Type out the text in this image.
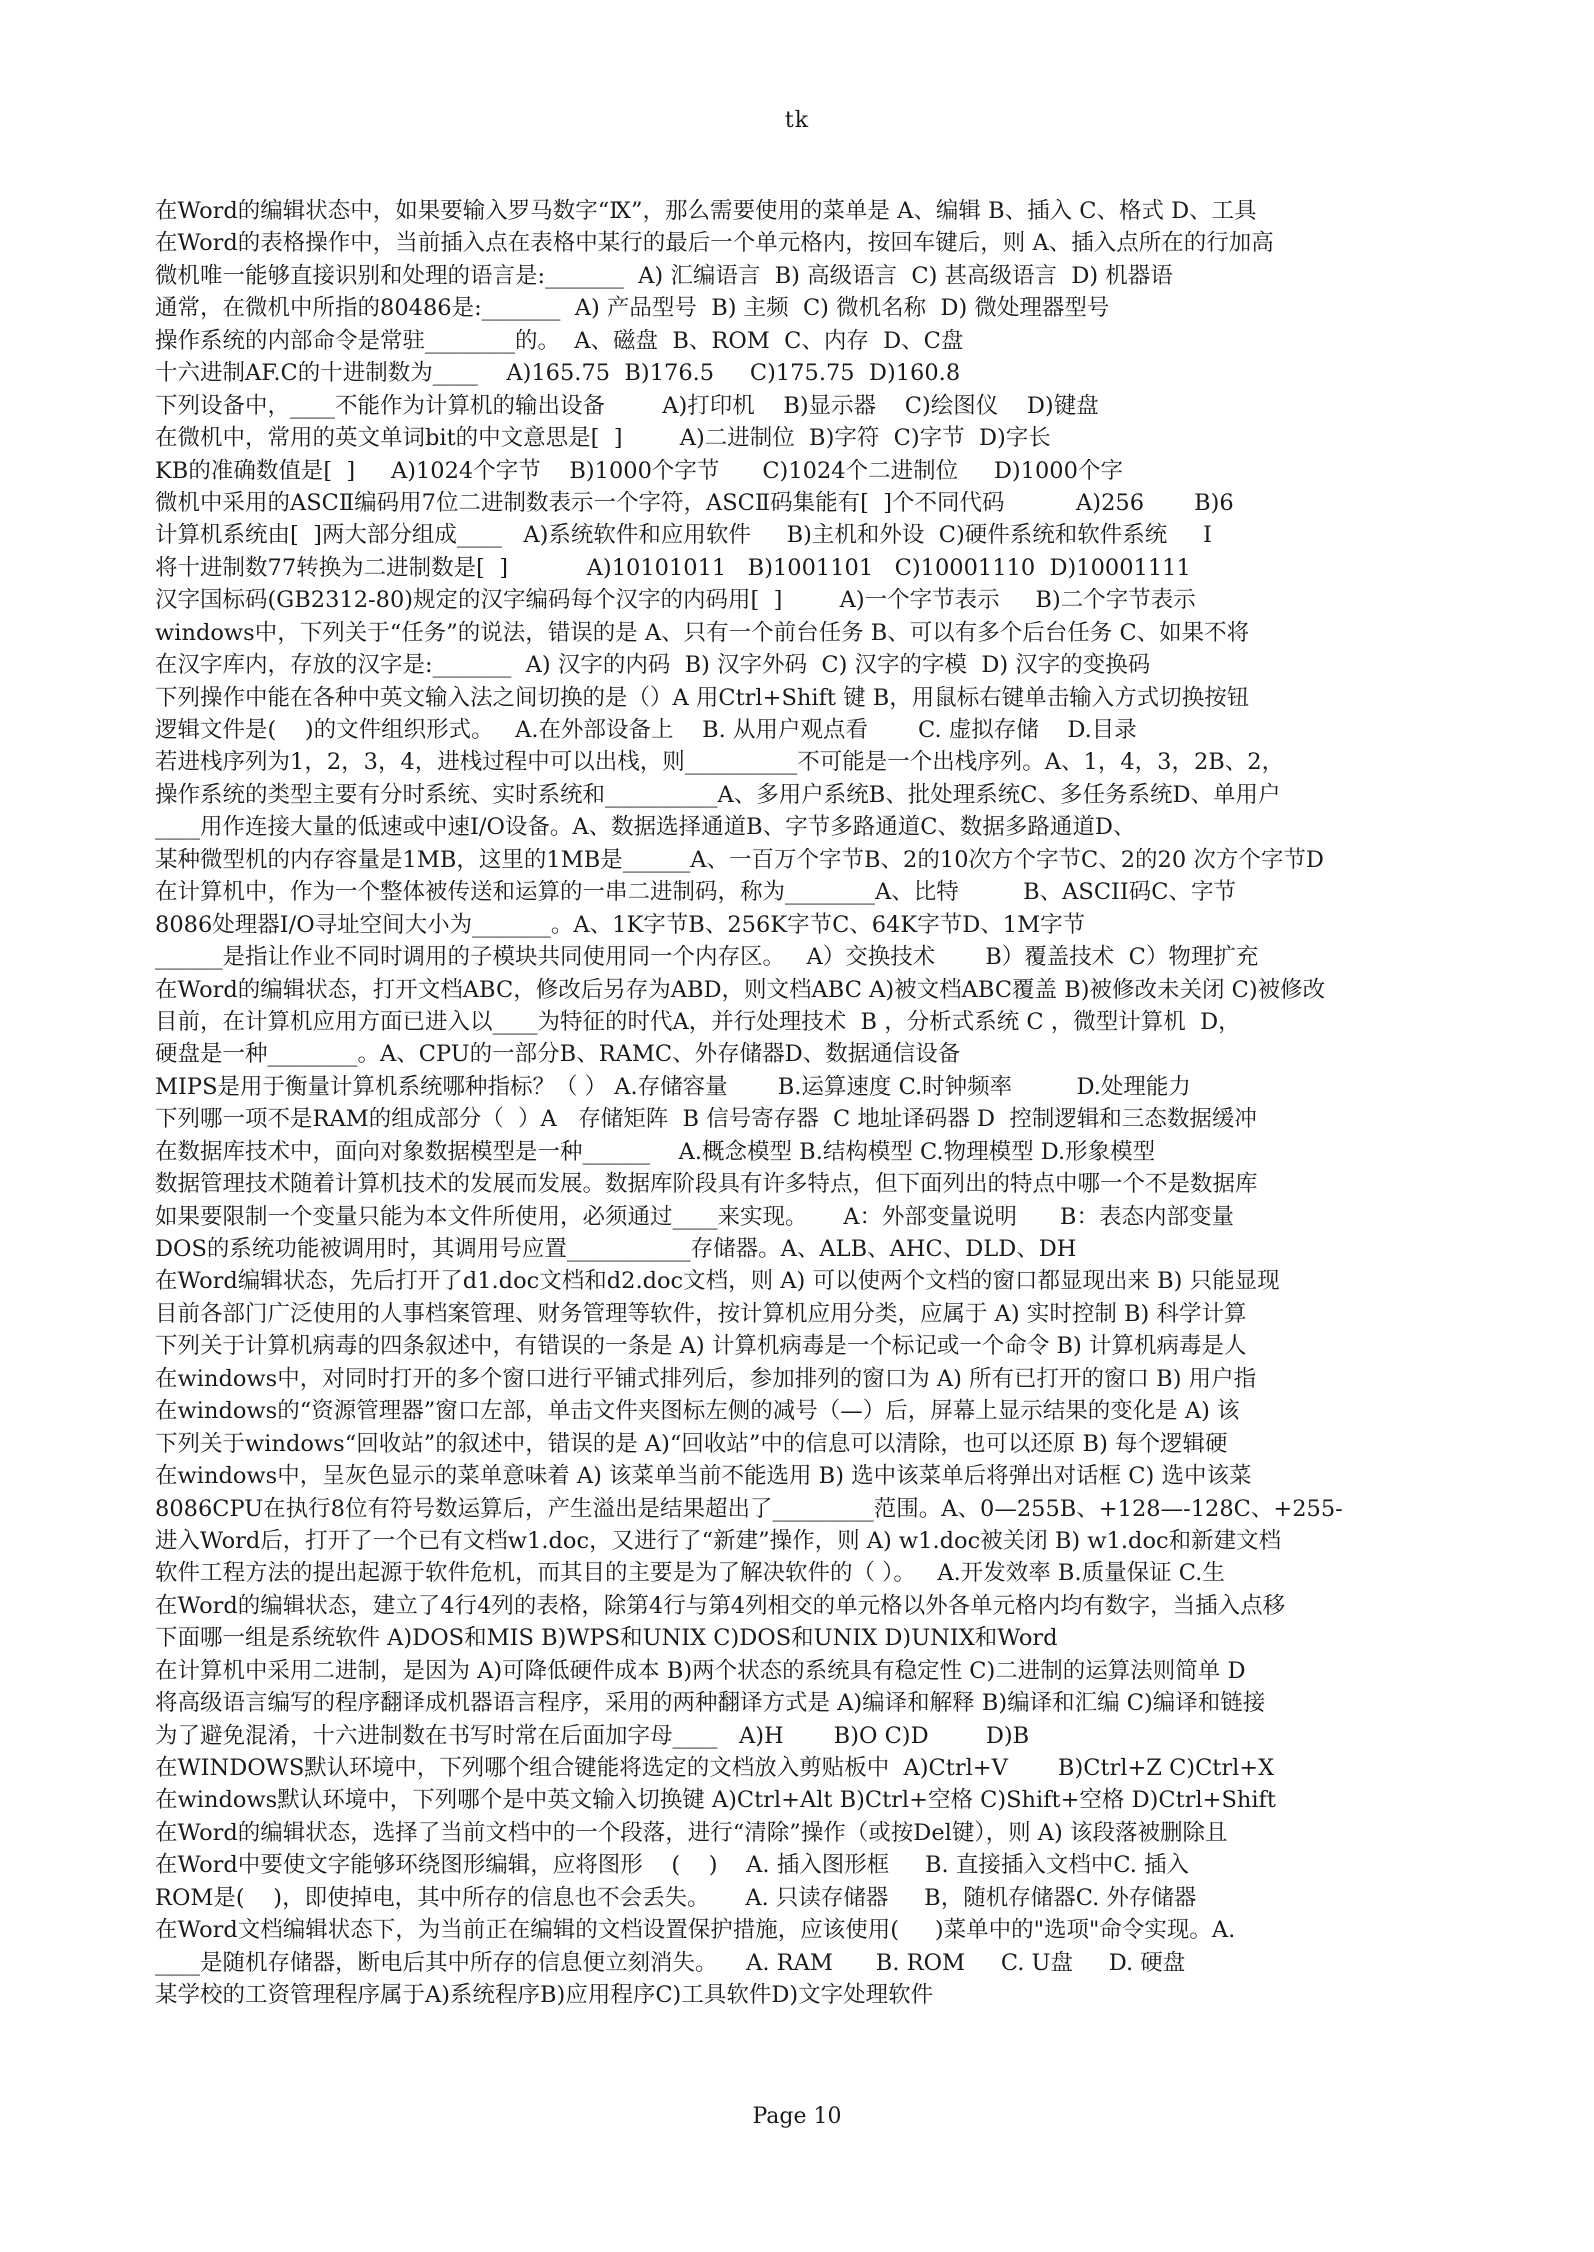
tk
在Word的编辑状态中，如果要输入罗马数字“Ⅸ”，那么需要使用的菜单是 A、编辑 B、插入 C、格式 D、工具
在Word的表格操作中，当前插入点在表格中某行的最后一个单元格内，按回车键后，则 A、插入点所在的行加高
微机唯一能够直接识别和处理的语言是:_______  A) 汇编语言  B) 高级语言  C) 甚高级语言  D) 机器语
通常，在微机中所指的80486是:_______  A) 产品型号  B) 主频  C) 微机名称  D) 微处理器型号
操作系统的内部命令是常驻________的。  A、磁盘  B、ROM  C、内存  D、C盘
十六进制AF.C的十进制数为____    A)165.75  B)176.5     C)175.75  D)160.8
下列设备中，____不能作为计算机的输出设备        A)打印机    B)显示器    C)绘图仪    D)键盘
在微机中，常用的英文单词bit的中文意思是[  ]        A)二进制位  B)字符  C)字节  D)字长
KB的准确数值是[  ]     A)1024个字节    B)1000个字节      C)1024个二进制位     D)1000个字
微机中采用的ASCⅡ编码用7位二进制数表示一个字符，ASCⅡ码集能有[  ]个不同代码          A)256       B)6
计算机系统由[  ]两大部分组成____   A)系统软件和应用软件     B)主机和外设  C)硬件系统和软件系统     I
将十进制数77转换为二进制数是[  ]           A)10101011   B)1001101   C)10001110  D)10001111
汉字国标码(GB2312-80)规定的汉字编码每个汉字的内码用[  ]        A)一个字节表示     B)二个字节表示
windows中，下列关于“任务”的说法，错误的是 A、只有一个前台任务 B、可以有多个后台任务 C、如果不将
在汉字库内，存放的汉字是:_______  A) 汉字的内码  B) 汉字外码  C) 汉字的字模  D) 汉字的变换码
下列操作中能在各种中英文输入法之间切换的是（）A 用Ctrl+Shift 键 B，用鼠标右键单击输入方式切换按钮
逻辑文件是(    )的文件组织形式。   A.在外部设备上    B. 从用户观点看       C. 虚拟存储    D.目录
若进栈序列为1，2，3，4，进栈过程中可以出栈，则__________不可能是一个出栈序列。A、1，4，3，2B、2，
操作系统的类型主要有分时系统、实时系统和__________A、多用户系统B、批处理系统C、多任务系统D、单用户
____用作连接大量的低速或中速I/O设备。A、数据选择通道B、字节多路通道C、数据多路通道D、
某种微型机的内存容量是1MB，这里的1MB是______A、一百万个字节B、2的10次方个字节C、2的20 次方个字节D
在计算机中，作为一个整体被传送和运算的一串二进制码，称为________A、比特         B、ASCII码C、字节
8086处理器I/O寻址空间大小为_______。A、1K字节B、256K字节C、64K字节D、1M字节
______是指让作业不同时调用的子模块共同使用同一个内存区。   A）交换技术       B）覆盖技术  C）物理扩充
在Word的编辑状态，打开文档ABC，修改后另存为ABD，则文档ABC A)被文档ABC覆盖 B)被修改未关闭 C)被修改
目前，在计算机应用方面已进入以____为特征的时代A，并行处理技术  B ，分析式系统 C ，微型计算机  D，
硬盘是一种________。A、CPU的一部分B、RAMC、外存储器D、数据通信设备
MIPS是用于衡量计算机系统哪种指标？（ ） A.存储容量       B.运算速度 C.时钟频率         D.处理能力
下列哪一项不是RAM的组成部分（  ）A   存储矩阵  B 信号寄存器  C 地址译码器 D  控制逻辑和三态数据缓冲
在数据库技术中，面向对象数据模型是一种______    A.概念模型 B.结构模型 C.物理模型 D.形象模型
数据管理技术随着计算机技术的发展而发展。数据库阶段具有许多特点，但下面列出的特点中哪一个不是数据库
如果要限制一个变量只能为本文件所使用，必须通过____来实现。     A：外部变量说明      B：表态内部变量
DOS的系统功能被调用时，其调用号应置___________存储器。A、ALB、AHC、DLD、DH
在Word编辑状态，先后打开了d1.doc文档和d2.doc文档，则 A) 可以使两个文档的窗口都显现出来 B) 只能显现
目前各部门广泛使用的人事档案管理、财务管理等软件，按计算机应用分类，应属于 A) 实时控制 B) 科学计算
下列关于计算机病毒的四条叙述中，有错误的一条是 A) 计算机病毒是一个标记或一个命令 B) 计算机病毒是人
在windows中，对同时打开的多个窗口进行平铺式排列后，参加排列的窗口为 A) 所有已打开的窗口 B) 用户指
在windows的“资源管理器”窗口左部，单击文件夹图标左侧的减号（—）后，屏幕上显示结果的变化是 A) 该
下列关于windows“回收站”的叙述中，错误的是 A)“回收站”中的信息可以清除，也可以还原 B) 每个逻辑硬
在windows中，呈灰色显示的菜单意味着 A) 该菜单当前不能选用 B) 选中该菜单后将弹出对话框 C) 选中该菜
8086CPU在执行8位有符号数运算后，产生溢出是结果超出了_________范围。A、0—255B、+128—-128C、+255-
进入Word后，打开了一个已有文档w1.doc，又进行了“新建”操作，则 A) w1.doc被关闭 B) w1.doc和新建文档
软件工程方法的提出起源于软件危机，而其目的主要是为了解决软件的（ ）。   A.开发效率 B.质量保证 C.生
在Word的编辑状态，建立了4行4列的表格，除第4行与第4列相交的单元格以外各单元格内均有数字，当插入点移
下面哪一组是系统软件 A)DOS和MIS B)WPS和UNIX C)DOS和UNIX D)UNIX和Word
在计算机中采用二进制，是因为 A)可降低硬件成本 B)两个状态的系统具有稳定性 C)二进制的运算法则简单 D
将高级语言编写的程序翻译成机器语言程序，采用的两种翻译方式是 A)编译和解释 B)编译和汇编 C)编译和链接
为了避免混淆，十六进制数在书写时常在后面加字母____   A)H       B)O C)D        D)B
在WINDOWS默认环境中，下列哪个组合键能将选定的文档放入剪贴板中  A)Ctrl+V       B)Ctrl+Z C)Ctrl+X
在windows默认环境中，下列哪个是中英文输入切换键 A)Ctrl+Alt B)Ctrl+空格 C)Shift+空格 D)Ctrl+Shift
在Word的编辑状态，选择了当前文档中的一个段落，进行“清除”操作（或按Del键），则 A) 该段落被删除且
在Word中要使文字能够环绕图形编辑，应将图形    (    )    A. 插入图形框     B. 直接插入文档中C. 插入
ROM是(    )，即使掉电，其中所存的信息也不会丢失。     A. 只读存储器     B，随机存储器C. 外存储器
在Word文档编辑状态下，为当前正在编辑的文档设置保护措施，应该使用(     )菜单中的"选项"命令实现。A.
____是随机存储器，断电后其中所存的信息便立刻消失。    A. RAM      B. ROM     C. U盘     D. 硬盘
某学校的工资管理程序属于A)系统程序B)应用程序C)工具软件D)文字处理软件
Page 10
